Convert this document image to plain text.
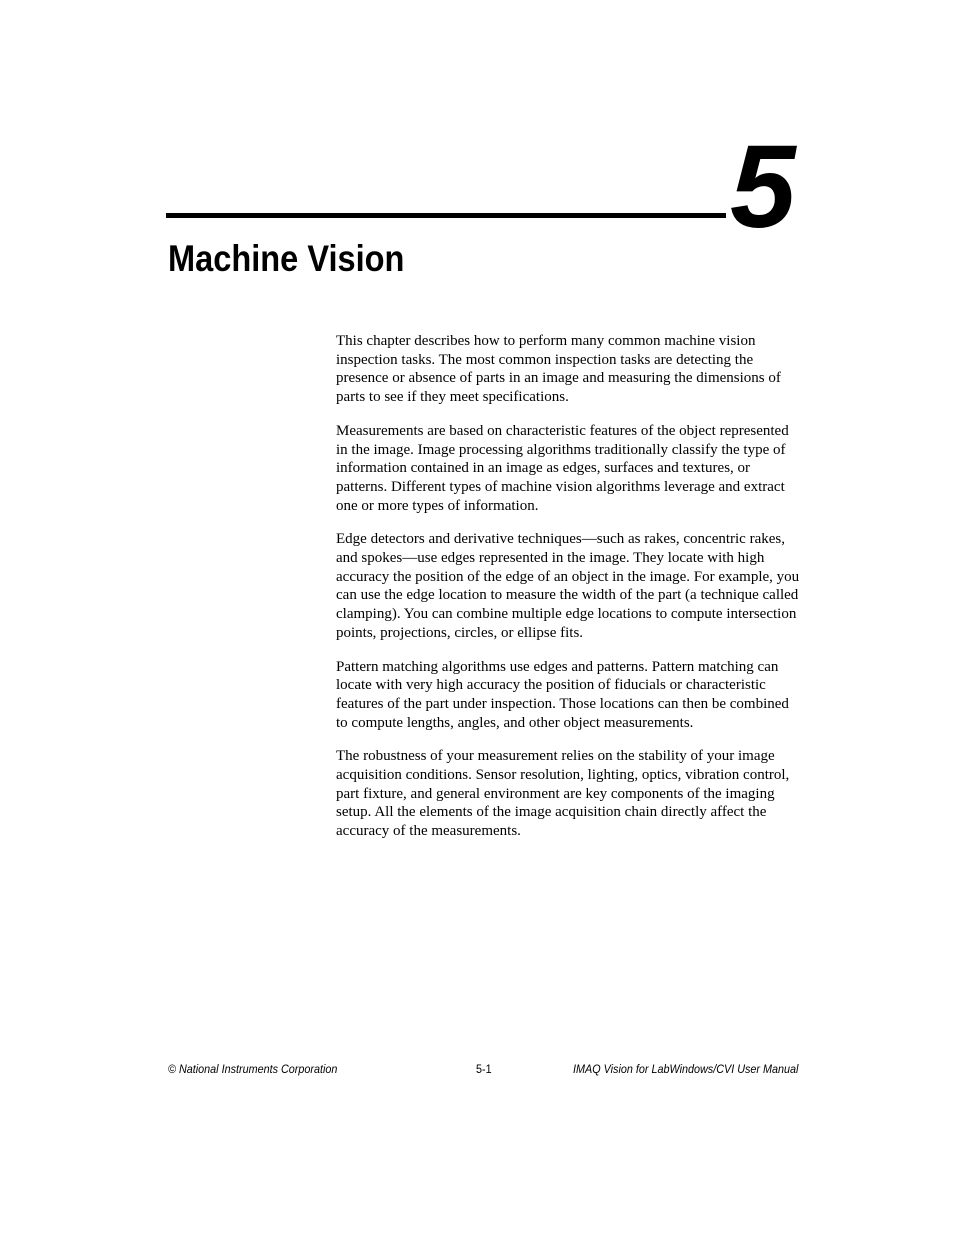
5
Machine Vision

This chapter describes how to perform many common machine vision inspection tasks. The most common inspection tasks are detecting the presence or absence of parts in an image and measuring the dimensions of parts to see if they meet specifications.

Measurements are based on characteristic features of the object represented in the image. Image processing algorithms traditionally classify the type of information contained in an image as edges, surfaces and textures, or patterns. Different types of machine vision algorithms leverage and extract one or more types of information.

Edge detectors and derivative techniques—such as rakes, concentric rakes, and spokes—use edges represented in the image. They locate with high accuracy the position of the edge of an object in the image. For example, you can use the edge location to measure the width of the part (a technique called clamping). You can combine multiple edge locations to compute intersection points, projections, circles, or ellipse fits.

Pattern matching algorithms use edges and patterns. Pattern matching can locate with very high accuracy the position of fiducials or characteristic features of the part under inspection. Those locations can then be combined to compute lengths, angles, and other object measurements.

The robustness of your measurement relies on the stability of your image acquisition conditions. Sensor resolution, lighting, optics, vibration control, part fixture, and general environment are key components of the imaging setup. All the elements of the image acquisition chain directly affect the accuracy of the measurements.

© National Instruments Corporation	5-1	IMAQ Vision for LabWindows/CVI User Manual
